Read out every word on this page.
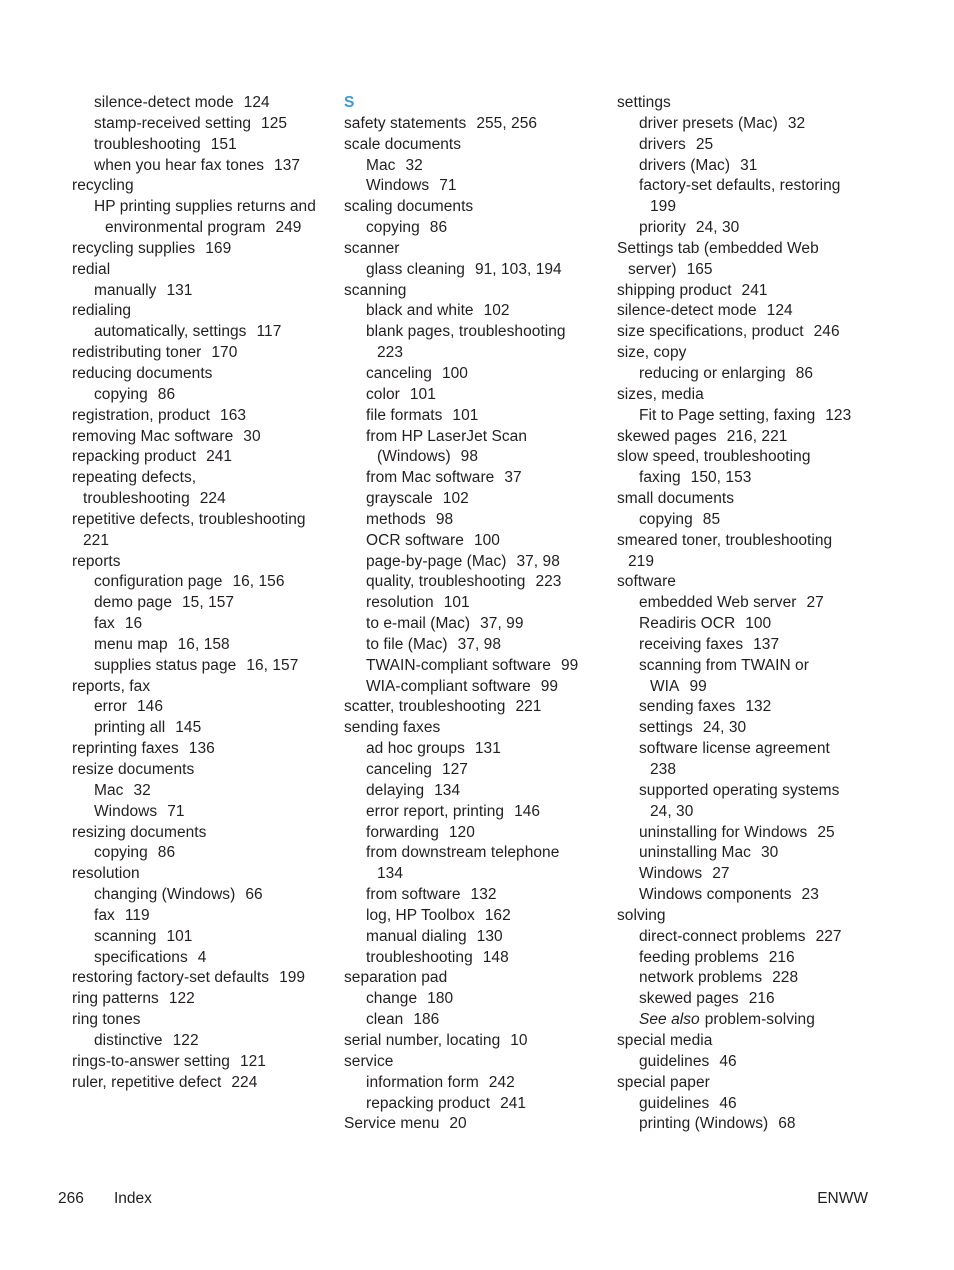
silence-detect mode 124
stamp-received setting 125
troubleshooting 151
when you hear fax tones 137
recycling
HP printing supplies returns and
environmental program 249
recycling supplies 169
redial
manually 131
redialing
automatically, settings 117
redistributing toner 170
reducing documents
copying 86
registration, product 163
removing Mac software 30
repacking product 241
repeating defects,
troubleshooting 224
repetitive defects, troubleshooting
221
reports
configuration page 16, 156
demo page 15, 157
fax 16
menu map 16, 158
supplies status page 16, 157
reports, fax
error 146
printing all 145
reprinting faxes 136
resize documents
Mac 32
Windows 71
resizing documents
copying 86
resolution
changing (Windows) 66
fax 119
scanning 101
specifications 4
restoring factory-set defaults 199
ring patterns 122
ring tones
distinctive 122
rings-to-answer setting 121
ruler, repetitive defect 224
S
safety statements 255, 256
scale documents
Mac 32
Windows 71
scaling documents
copying 86
scanner
glass cleaning 91, 103, 194
scanning
black and white 102
blank pages, troubleshooting
223
canceling 100
color 101
file formats 101
from HP LaserJet Scan
(Windows) 98
from Mac software 37
grayscale 102
methods 98
OCR software 100
page-by-page (Mac) 37, 98
quality, troubleshooting 223
resolution 101
to e-mail (Mac) 37, 99
to file (Mac) 37, 98
TWAIN-compliant software 99
WIA-compliant software 99
scatter, troubleshooting 221
sending faxes
ad hoc groups 131
canceling 127
delaying 134
error report, printing 146
forwarding 120
from downstream telephone
134
from software 132
log, HP Toolbox 162
manual dialing 130
troubleshooting 148
separation pad
change 180
clean 186
serial number, locating 10
service
information form 242
repacking product 241
Service menu 20
settings
driver presets (Mac) 32
drivers 25
drivers (Mac) 31
factory-set defaults, restoring
199
priority 24, 30
Settings tab (embedded Web
server) 165
shipping product 241
silence-detect mode 124
size specifications, product 246
size, copy
reducing or enlarging 86
sizes, media
Fit to Page setting, faxing 123
skewed pages 216, 221
slow speed, troubleshooting
faxing 150, 153
small documents
copying 85
smeared toner, troubleshooting
219
software
embedded Web server 27
Readiris OCR 100
receiving faxes 137
scanning from TWAIN or
WIA 99
sending faxes 132
settings 24, 30
software license agreement
238
supported operating systems
24, 30
uninstalling for Windows 25
uninstalling Mac 30
Windows 27
Windows components 23
solving
direct-connect problems 227
feeding problems 216
network problems 228
skewed pages 216
See also problem-solving
special media
guidelines 46
special paper
guidelines 46
printing (Windows) 68
266 Index	ENWW
